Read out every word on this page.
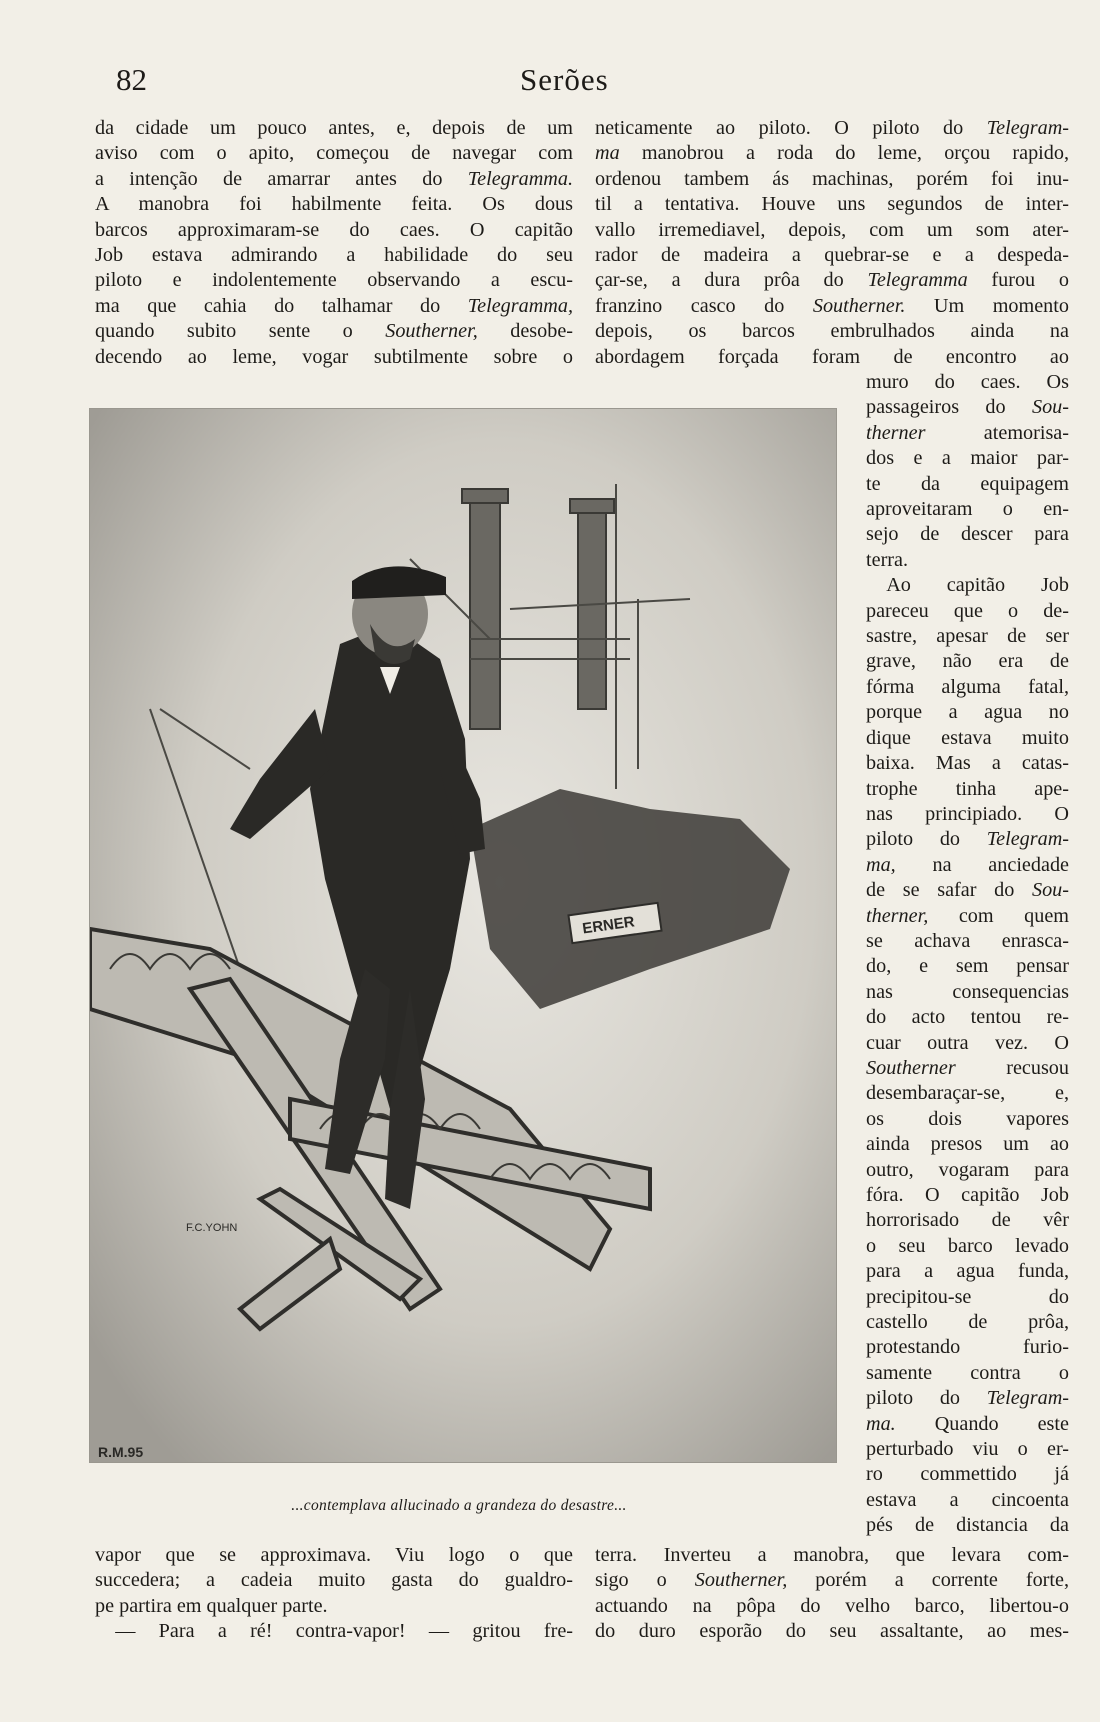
82	Serões
da cidade um pouco antes, e, depois de um
aviso com o apito, começou de navegar com
a intenção de amarrar antes do Telegramma.
A manobra foi habilmente feita. Os dous
barcos approximaram-se do caes. O capitão
Job estava admirando a habilidade do seu
piloto e indolentemente observando a escu-
ma que cahia do talhamar do Telegramma,
quando subito sente o Southerner, desobe-
decendo ao leme, vogar subtilmente sobre o
neticamente ao piloto. O piloto do Telegram-
ma manobrou a roda do leme, orçou rapido,
ordenou tambem ás machinas, porém foi inu-
til a tentativa. Houve uns segundos de inter-
vallo irremediavel, depois, com um som ater-
rador de madeira a quebrar-se e a despeda-
çar-se, a dura prôa do Telegramma furou o
franzino casco do Southerner. Um momento
depois, os barcos embrulhados ainda na
abordagem forçada foram de encontro ao
muro do caes. Os
passageiros do Sou-
therner atemorisa-
dos e a maior par-
te da equipagem
aproveitaram o en-
sejo de descer para
terra.
 Ao capitão Job
pareceu que o de-
sastre, apesar de ser
grave, não era de
fórma alguma fatal,
porque a agua no
dique estava muito
baixa. Mas a catas-
trophe tinha ape-
nas principiado. O
piloto do Telegram-
ma, na anciedade
de se safar do Sou-
therner, com quem
se achava enrasca-
do, e sem pensar
nas consequencias
do acto tentou re-
cuar outra vez. O
Southerner recusou
desembaraçar-se, e,
os dois vapores
ainda presos um ao
outro, vogaram para
fóra. O capitão Job
horrorisado de vêr
o seu barco levado
para a agua funda,
precipitou-se do
castello de prôa,
protestando furio-
samente contra o
piloto do Telegram-
ma. Quando este
perturbado viu o er-
ro commettido já
estava a cincoenta
pés de distancia da
ERNER
F.C.YOHN
R.M.95
...contemplava allucinado a grandeza do desastre...
vapor que se approximava. Viu logo o que
succedera; a cadeia muito gasta do gualdro-
pe partira em qualquer parte.
 — Para a ré! contra-vapor! — gritou fre-
terra. Inverteu a manobra, que levara com-
sigo o Southerner, porém a corrente forte,
actuando na pôpa do velho barco, libertou-o
do duro esporão do seu assaltante, ao mes-
